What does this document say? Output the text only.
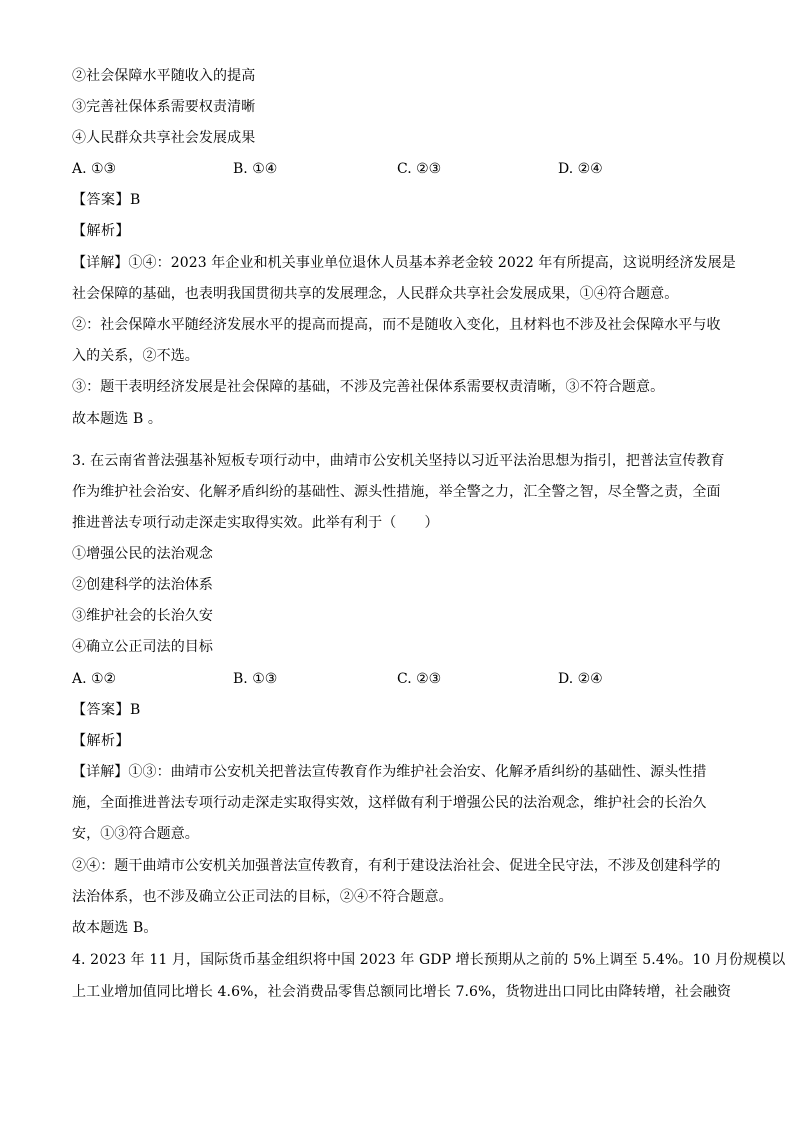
②社会保障水平随收入的提高
③完善社保体系需要权责清晰
④人民群众共享社会发展成果
A. ①③	B. ①④	C. ②③	D. ②④
【答案】B
【解析】
【详解】①④：2023 年企业和机关事业单位退休人员基本养老金较 2022 年有所提高，这说明经济发展是
社会保障的基础，也表明我国贯彻共享的发展理念，人民群众共享社会发展成果，①④符合题意。
②：社会保障水平随经济发展水平的提高而提高，而不是随收入变化，且材料也不涉及社会保障水平与收
入的关系，②不选。
③：题干表明经济发展是社会保障的基础，不涉及完善社保体系需要权责清晰，③不符合题意。
故本题选 B 。
3. 在云南省普法强基补短板专项行动中，曲靖市公安机关坚持以习近平法治思想为指引，把普法宣传教育
作为维护社会治安、化解矛盾纠纷的基础性、源头性措施，举全警之力，汇全警之智，尽全警之责，全面
推进普法专项行动走深走实取得实效。此举有利于（　　）
①增强公民的法治观念
②创建科学的法治体系
③维护社会的长治久安
④确立公正司法的目标
A. ①②	B. ①③	C. ②③	D. ②④
【答案】B
【解析】
【详解】①③：曲靖市公安机关把普法宣传教育作为维护社会治安、化解矛盾纠纷的基础性、源头性措
施，全面推进普法专项行动走深走实取得实效，这样做有利于增强公民的法治观念，维护社会的长治久
安，①③符合题意。
②④：题干曲靖市公安机关加强普法宣传教育，有利于建设法治社会、促进全民守法，不涉及创建科学的
法治体系，也不涉及确立公正司法的目标，②④不符合题意。
故本题选 B。
4. 2023 年 11 月，国际货币基金组织将中国 2023 年 GDP 增长预期从之前的 5%上调至 5.4%。10 月份规模以
上工业增加值同比增长 4.6%，社会消费品零售总额同比增长 7.6%，货物进出口同比由降转增，社会融资
